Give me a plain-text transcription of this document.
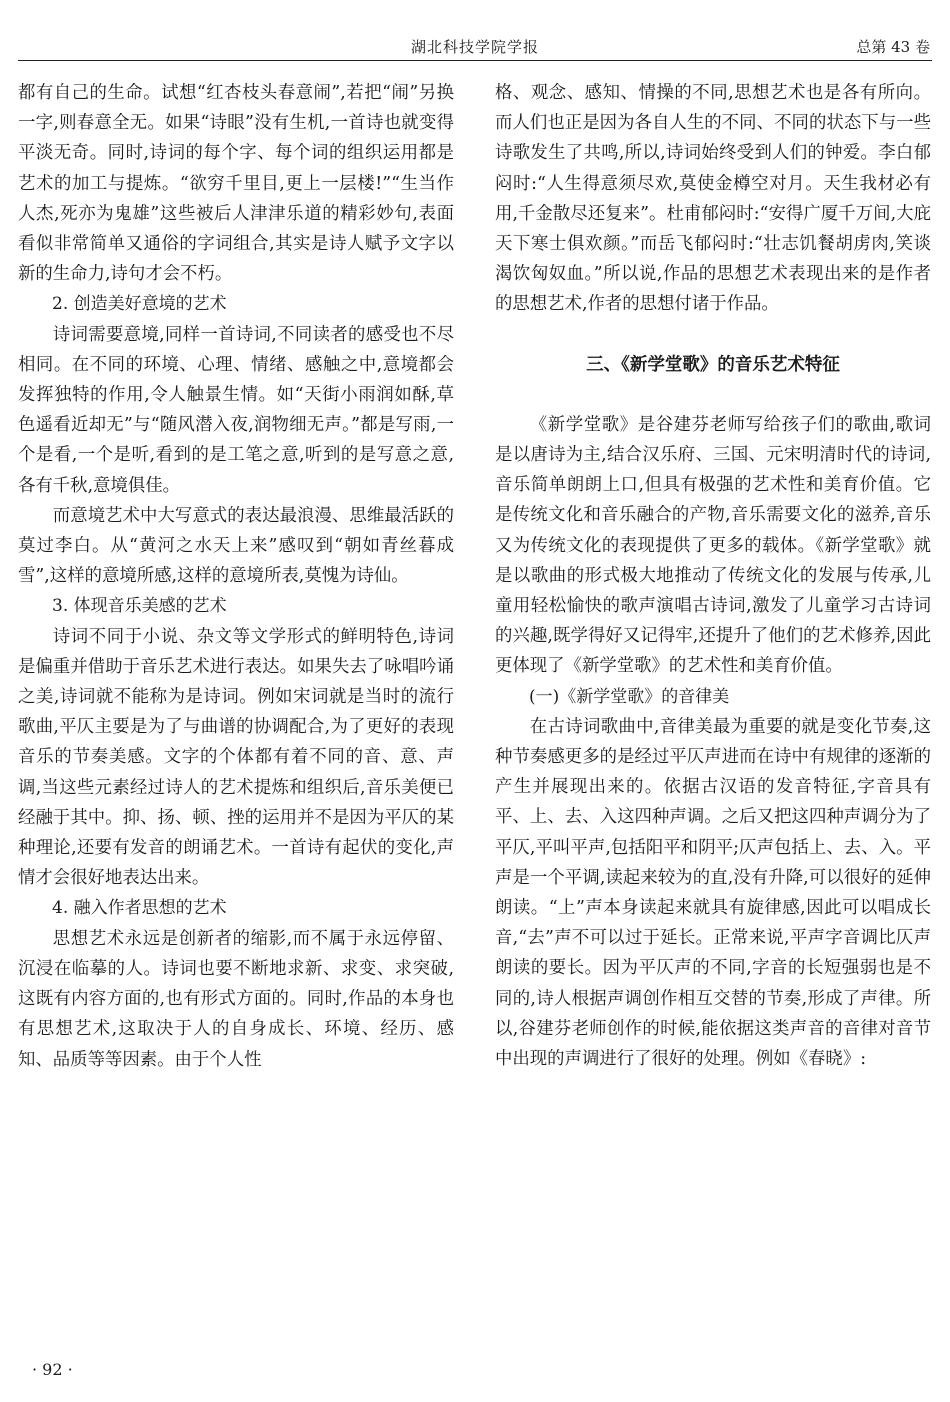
湖北科技学院学报	总第 43 卷

都有自己的生命。试想“红杏枝头春意闹”,若把“闹”另换一字,则春意全无。如果“诗眼”没有生机,一首诗也就变得平淡无奇。同时,诗词的每个字、每个词的组织运用都是艺术的加工与提炼。“欲穷千里目,更上一层楼!”“生当作人杰,死亦为鬼雄”这些被后人津津乐道的精彩妙句,表面看似非常简单又通俗的字词组合,其实是诗人赋予文字以新的生命力,诗句才会不朽。

2. 创造美好意境的艺术

诗词需要意境,同样一首诗词,不同读者的感受也不尽相同。在不同的环境、心理、情绪、感触之中,意境都会发挥独特的作用,令人触景生情。如“天街小雨润如酥,草色遥看近却无”与“随风潜入夜,润物细无声。”都是写雨,一个是看,一个是听,看到的是工笔之意,听到的是写意之意,各有千秋,意境俱佳。

而意境艺术中大写意式的表达最浪漫、思维最活跃的莫过李白。从“黄河之水天上来”感叹到“朝如青丝暮成雪”,这样的意境所感,这样的意境所表,莫愧为诗仙。

3. 体现音乐美感的艺术

诗词不同于小说、杂文等文学形式的鲜明特色,诗词是偏重并借助于音乐艺术进行表达。如果失去了咏唱吟诵之美,诗词就不能称为是诗词。例如宋词就是当时的流行歌曲,平仄主要是为了与曲谱的协调配合,为了更好的表现音乐的节奏美感。文字的个体都有着不同的音、意、声调,当这些元素经过诗人的艺术提炼和组织后,音乐美便已经融于其中。抑、扬、顿、挫的运用并不是因为平仄的某种理论,还要有发音的朗诵艺术。一首诗有起伏的变化,声情才会很好地表达出来。

4. 融入作者思想的艺术

思想艺术永远是创新者的缩影,而不属于永远停留、沉浸在临摹的人。诗词也要不断地求新、求变、求突破,这既有内容方面的,也有形式方面的。同时,作品的本身也有思想艺术,这取决于人的自身成长、环境、经历、感知、品质等等因素。由于个人性

格、观念、感知、情操的不同,思想艺术也是各有所向。而人们也正是因为各自人生的不同、不同的状态下与一些诗歌发生了共鸣,所以,诗词始终受到人们的钟爱。李白郁闷时:“人生得意须尽欢,莫使金樽空对月。天生我材必有用,千金散尽还复来”。杜甫郁闷时:“安得广厦千万间,大庇天下寒士俱欢颜。”而岳飞郁闷时:“壮志饥餐胡虏肉,笑谈渴饮匈奴血。”所以说,作品的思想艺术表现出来的是作者的思想艺术,作者的思想付诸于作品。

三、《新学堂歌》的音乐艺术特征

《新学堂歌》是谷建芬老师写给孩子们的歌曲,歌词是以唐诗为主,结合汉乐府、三国、元宋明清时代的诗词,音乐简单朗朗上口,但具有极强的艺术性和美育价值。它是传统文化和音乐融合的产物,音乐需要文化的滋养,音乐又为传统文化的表现提供了更多的载体。《新学堂歌》就是以歌曲的形式极大地推动了传统文化的发展与传承,儿童用轻松愉快的歌声演唱古诗词,激发了儿童学习古诗词的兴趣,既学得好又记得牢,还提升了他们的艺术修养,因此更体现了《新学堂歌》的艺术性和美育价值。

(一)《新学堂歌》的音律美

在古诗词歌曲中,音律美最为重要的就是变化节奏,这种节奏感更多的是经过平仄声进而在诗中有规律的逐渐的产生并展现出来的。依据古汉语的发音特征,字音具有平、上、去、入这四种声调。之后又把这四种声调分为了平仄,平叫平声,包括阳平和阴平;仄声包括上、去、入。平声是一个平调,读起来较为的直,没有升降,可以很好的延伸朗读。“上”声本身读起来就具有旋律感,因此可以唱成长音,“去”声不可以过于延长。正常来说,平声字音调比仄声朗读的要长。因为平仄声的不同,字音的长短强弱也是不同的,诗人根据声调创作相互交替的节奏,形成了声律。所以,谷建芬老师创作的时候,能依据这类声音的音律对音节中出现的声调进行了很好的处理。例如《春晓》:

· 92 ·
